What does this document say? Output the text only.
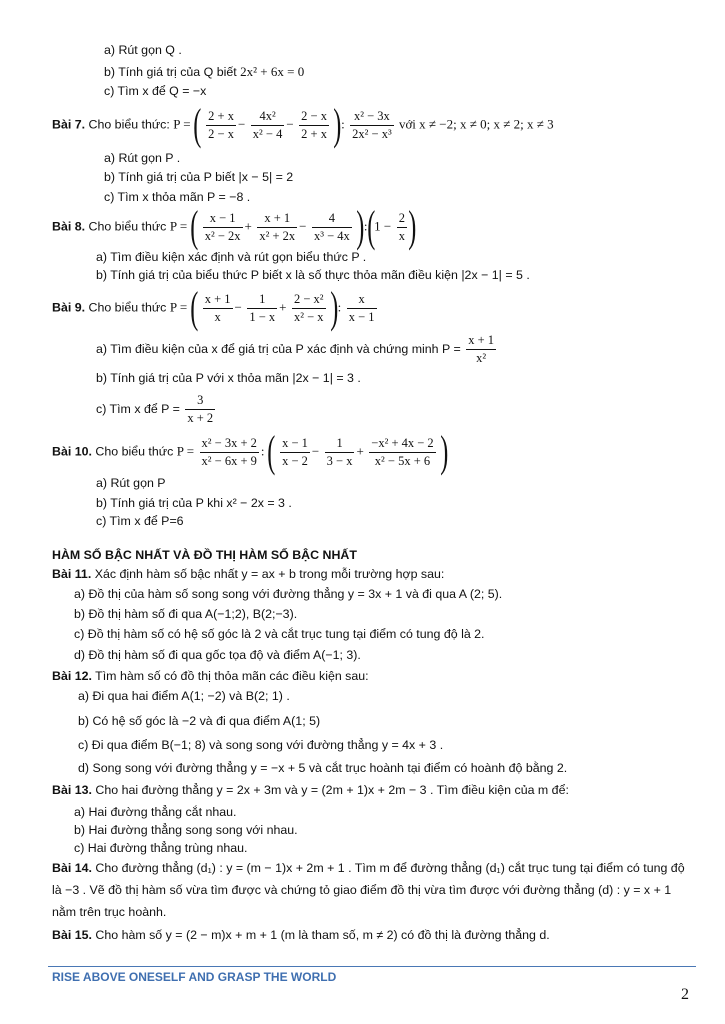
a) Rút gọn Q .
b) Tính giá trị của Q biết 2x² + 6x = 0
c) Tìm x để Q = −x
Bài 7. Cho biểu thức: P = ( $\frac{2 + x}{2 - x} - \frac{\text{4x²}}{\text{x² − 4}} - \frac{2 - x}{2 + x}$ ): $\frac{\text{x² − 3x}}{\text{2x² − x³}}$ với x ≠ −2; x ≠ 0; x ≠ 2; x ≠ 3
a) Rút gọn P .
b) Tính giá trị của P biết |x − 5| = 2
c) Tìm x thỏa mãn P = −8 .
Bài 8. Cho biểu thức P = ( $\frac{x - 1}{\text{x² − 2x}} + \frac{x + 1}{\text{x² + 2x}} - \frac{4}{\text{x³ − 4x}}$ ):(1 − $\frac{2}{x}$ )
a) Tìm điều kiện xác định và rút gọn biểu thức P .
b) Tính giá trị của biểu thức P biết x là số thực thỏa mãn điều kiện |2x − 1| = 5 .
Bài 9. Cho biểu thức P = ( $\frac{x + 1}{x} - \frac{1}{1 - x} + \frac{\text{2 − x²}}{\text{x² − x}}$ ): $\frac{x}{x - 1}$
a) Tìm điều kiện của x để giá trị của P xác định và chứng minh $P = \frac{x + 1}{\text{x²}}$
b) Tính giá trị của P với x thỏa mãn |2x − 1| = 3 .
c) Tìm x để $P = \frac{3}{x + 2}$
Bài 10. Cho biểu thức $P = \frac{\text{x² − 3x + 2}}{\text{x² − 6x + 9}}$ : ( $\frac{x - 1}{x - 2} - \frac{1}{3 - x} + \frac{\text{−x² + 4x − 2}}{\text{x² − 5x + 6}}$ )
a) Rút gọn P
b) Tính giá trị của P khi x² − 2x = 3 .
c) Tìm x để P=6
HÀM SỐ BẬC NHẤT VÀ ĐỒ THỊ HÀM SỐ BẬC NHẤT
Bài 11. Xác định hàm số bậc nhất y = ax + b trong mỗi trường hợp sau:
a) Đồ thị của hàm số song song với đường thẳng y = 3x + 1 và đi qua A (2; 5).
b) Đồ thị hàm số đi qua A(−1;2), B(2;−3).
c) Đồ thị hàm số có hệ số góc là 2 và cắt trục tung tại điểm có tung độ là 2.
d) Đồ thị hàm số đi qua gốc tọa độ và điểm A(−1; 3).
Bài 12. Tìm hàm số có đồ thị thỏa mãn các điều kiện sau:
a) Đi qua hai điểm A(1; −2) và B(2; 1) .
b) Có hệ số góc là −2 và đi qua điểm A(1; 5)
c) Đi qua điểm B(−1; 8) và song song với đường thẳng y = 4x + 3 .
d) Song song với đường thẳng y = −x + 5 và cắt trục hoành tại điểm có hoành độ bằng 2.
Bài 13. Cho hai đường thẳng y = 2x + 3m và y = (2m + 1)x + 2m − 3 . Tìm điều kiện của m để:
a) Hai đường thẳng cắt nhau.
b) Hai đường thẳng song song với nhau.
c) Hai đường thẳng trùng nhau.
Bài 14. Cho đường thẳng (d₁) : y = (m − 1)x + 2m + 1 . Tìm m để đường thẳng (d₁) cắt trục tung tại điểm có tung độ là −3 . Vẽ đồ thị hàm số vừa tìm được và chứng tỏ giao điểm đồ thị vừa tìm được với đường thẳng (d) : y = x + 1 nằm trên trục hoành.
Bài 15. Cho hàm số y = (2 − m)x + m + 1 (m là tham số, m ≠ 2) có đồ thị là đường thẳng d.
RISE ABOVE ONESELF AND GRASP THE WORLD
2
